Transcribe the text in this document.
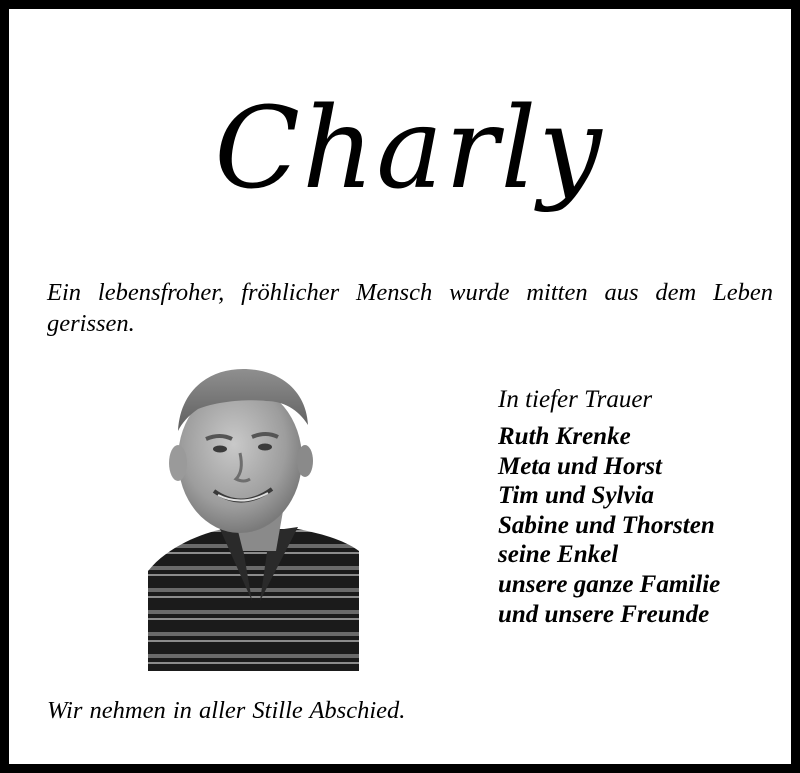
Charly
Ein lebensfroher, fröhlicher Mensch wurde mitten aus dem Leben gerissen.
In tiefer Trauer
Ruth Krenke
Meta und Horst
Tim und Sylvia
Sabine und Thorsten
seine Enkel
unsere ganze Familie
und unsere Freunde
Wir nehmen in aller Stille Abschied.
